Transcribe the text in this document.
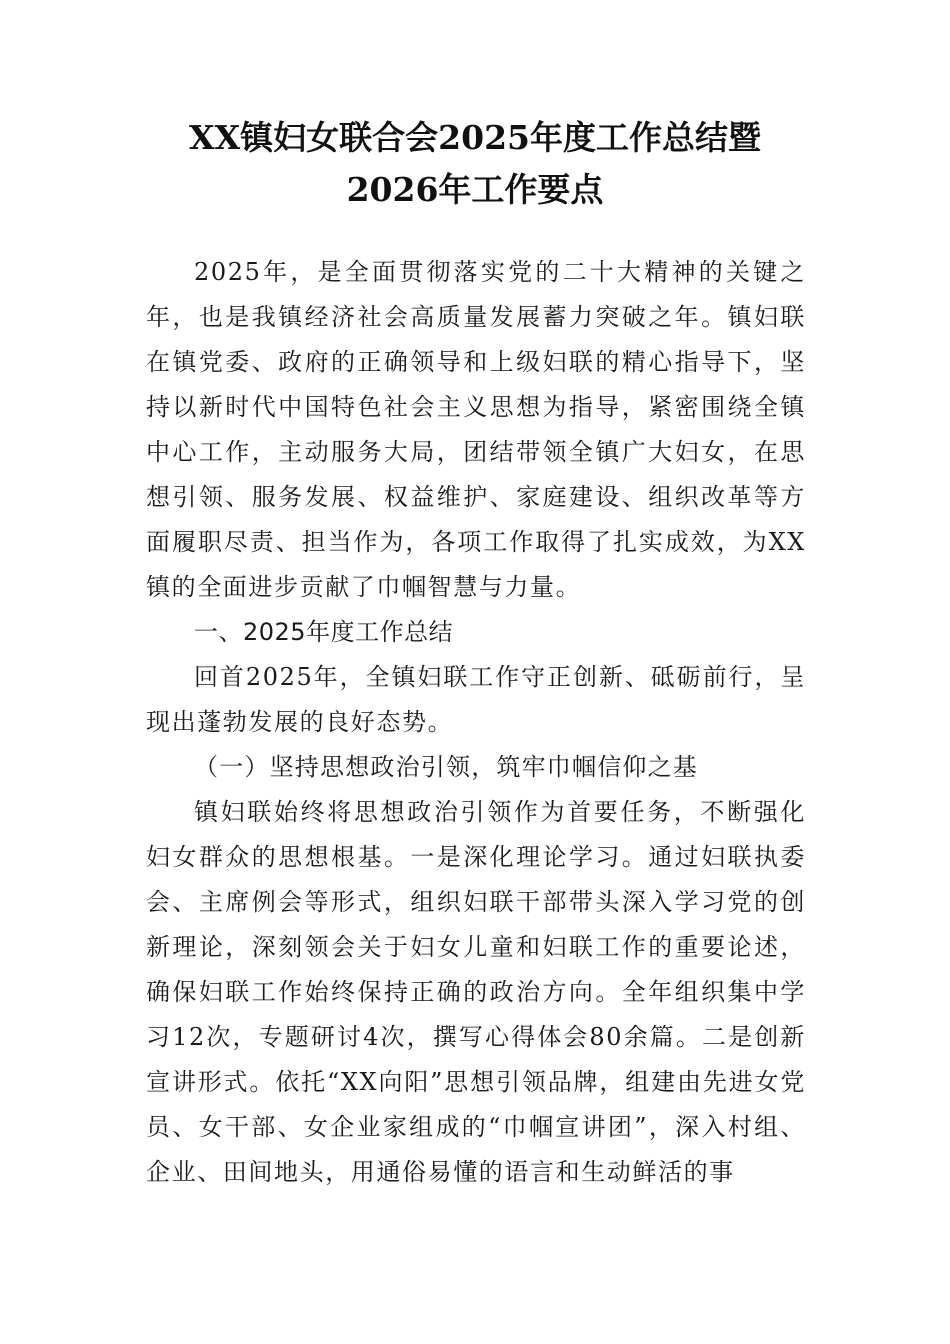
XX镇妇女联合会2025年度工作总结暨
2026年工作要点

2025年，是全面贯彻落实党的二十大精神的关键之年，也是我镇经济社会高质量发展蓄力突破之年。镇妇联在镇党委、政府的正确领导和上级妇联的精心指导下，坚持以新时代中国特色社会主义思想为指导，紧密围绕全镇中心工作，主动服务大局，团结带领全镇广大妇女，在思想引领、服务发展、权益维护、家庭建设、组织改革等方面履职尽责、担当作为，各项工作取得了扎实成效，为XX镇的全面进步贡献了巾帼智慧与力量。

一、2025年度工作总结

回首2025年，全镇妇联工作守正创新、砥砺前行，呈现出蓬勃发展的良好态势。

（一）坚持思想政治引领，筑牢巾帼信仰之基

镇妇联始终将思想政治引领作为首要任务，不断强化妇女群众的思想根基。一是深化理论学习。通过妇联执委会、主席例会等形式，组织妇联干部带头深入学习党的创新理论，深刻领会关于妇女儿童和妇联工作的重要论述，确保妇联工作始终保持正确的政治方向。全年组织集中学习12次，专题研讨4次，撰写心得体会80余篇。二是创新宣讲形式。依托“XX向阳”思想引领品牌，组建由先进女党员、女干部、女企业家组成的“巾帼宣讲团”，深入村组、企业、田间地头，用通俗易懂的语言和生动鲜活的事
